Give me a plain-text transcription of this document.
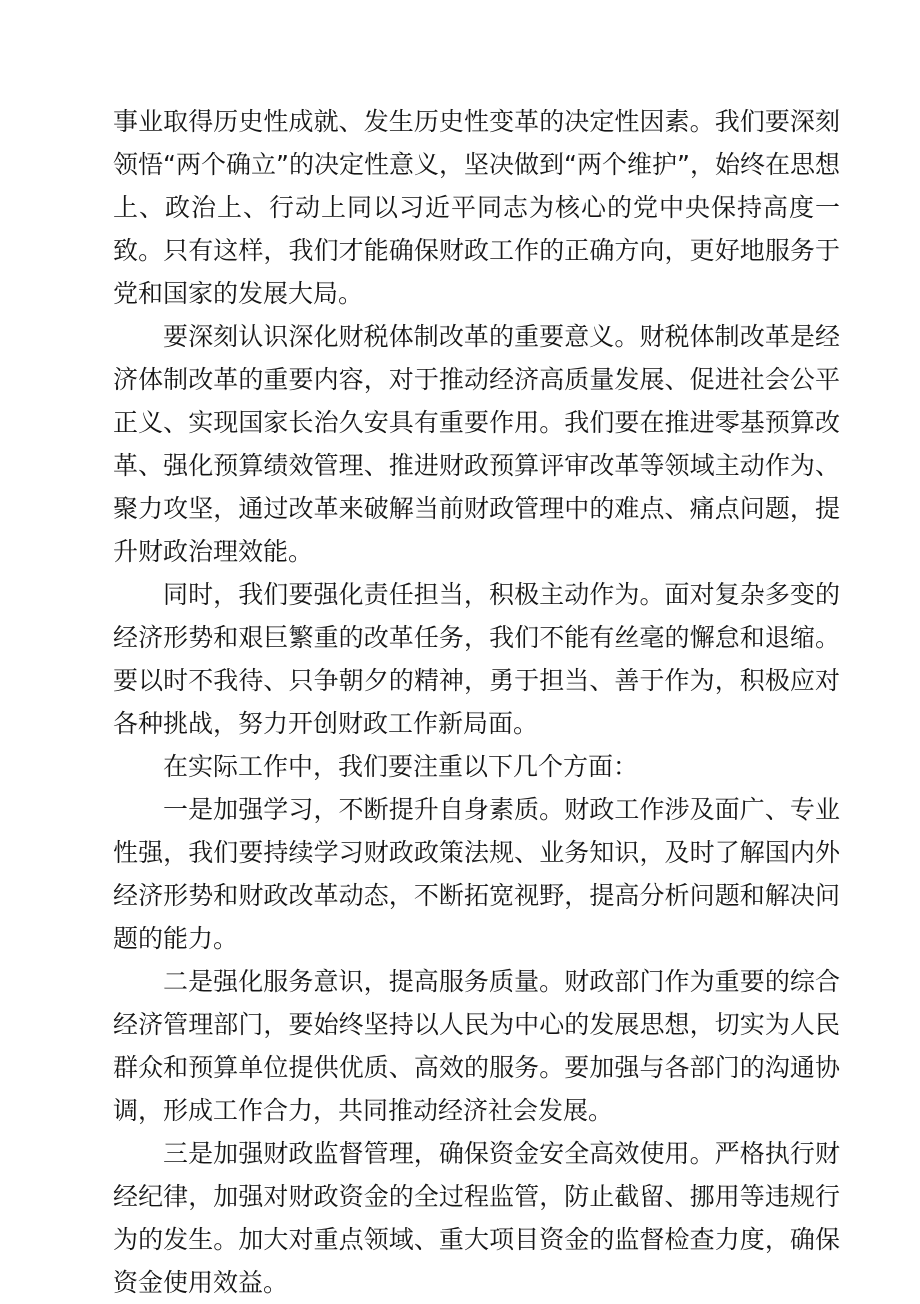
事业取得历史性成就、发生历史性变革的决定性因素。我们要深刻领悟“两个确立”的决定性意义，坚决做到“两个维护”，始终在思想上、政治上、行动上同以习近平同志为核心的党中央保持高度一致。只有这样，我们才能确保财政工作的正确方向，更好地服务于党和国家的发展大局。

要深刻认识深化财税体制改革的重要意义。财税体制改革是经济体制改革的重要内容，对于推动经济高质量发展、促进社会公平正义、实现国家长治久安具有重要作用。我们要在推进零基预算改革、强化预算绩效管理、推进财政预算评审改革等领域主动作为、聚力攻坚，通过改革来破解当前财政管理中的难点、痛点问题，提升财政治理效能。

同时，我们要强化责任担当，积极主动作为。面对复杂多变的经济形势和艰巨繁重的改革任务，我们不能有丝毫的懈怠和退缩。要以时不我待、只争朝夕的精神，勇于担当、善于作为，积极应对各种挑战，努力开创财政工作新局面。

在实际工作中，我们要注重以下几个方面：

一是加强学习，不断提升自身素质。财政工作涉及面广、专业性强，我们要持续学习财政政策法规、业务知识，及时了解国内外经济形势和财政改革动态，不断拓宽视野，提高分析问题和解决问题的能力。

二是强化服务意识，提高服务质量。财政部门作为重要的综合经济管理部门，要始终坚持以人民为中心的发展思想，切实为人民群众和预算单位提供优质、高效的服务。要加强与各部门的沟通协调，形成工作合力，共同推动经济社会发展。

三是加强财政监督管理，确保资金安全高效使用。严格执行财经纪律，加强对财政资金的全过程监管，防止截留、挪用等违规行为的发生。加大对重点领域、重大项目资金的监督检查力度，确保资金使用效益。
